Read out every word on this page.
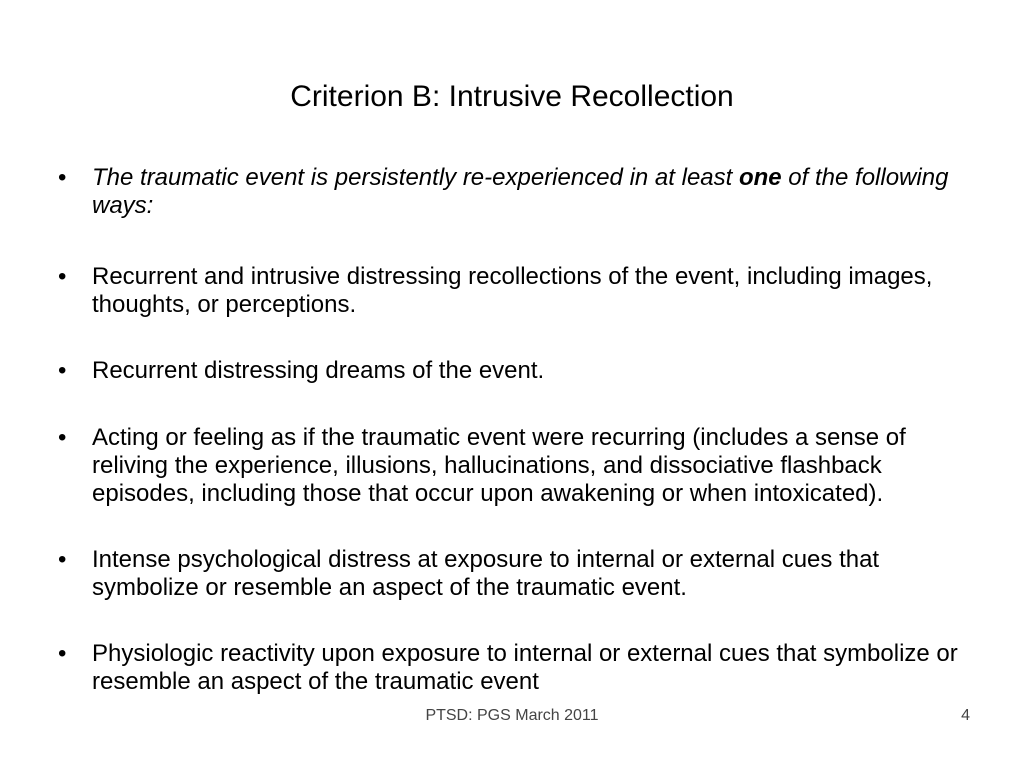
Criterion B: Intrusive Recollection
• The traumatic event is persistently re-experienced in at least one of the following ways:
• Recurrent and intrusive distressing recollections of the event, including images, thoughts, or perceptions.
• Recurrent distressing dreams of the event.
• Acting or feeling as if the traumatic event were recurring (includes a sense of reliving the experience, illusions, hallucinations, and dissociative flashback episodes, including those that occur upon awakening or when intoxicated).
• Intense psychological distress at exposure to internal or external cues that symbolize or resemble an aspect of the traumatic event.
• Physiologic reactivity upon exposure to internal or external cues that symbolize or resemble an aspect of the traumatic event
PTSD: PGS March 2011	4
